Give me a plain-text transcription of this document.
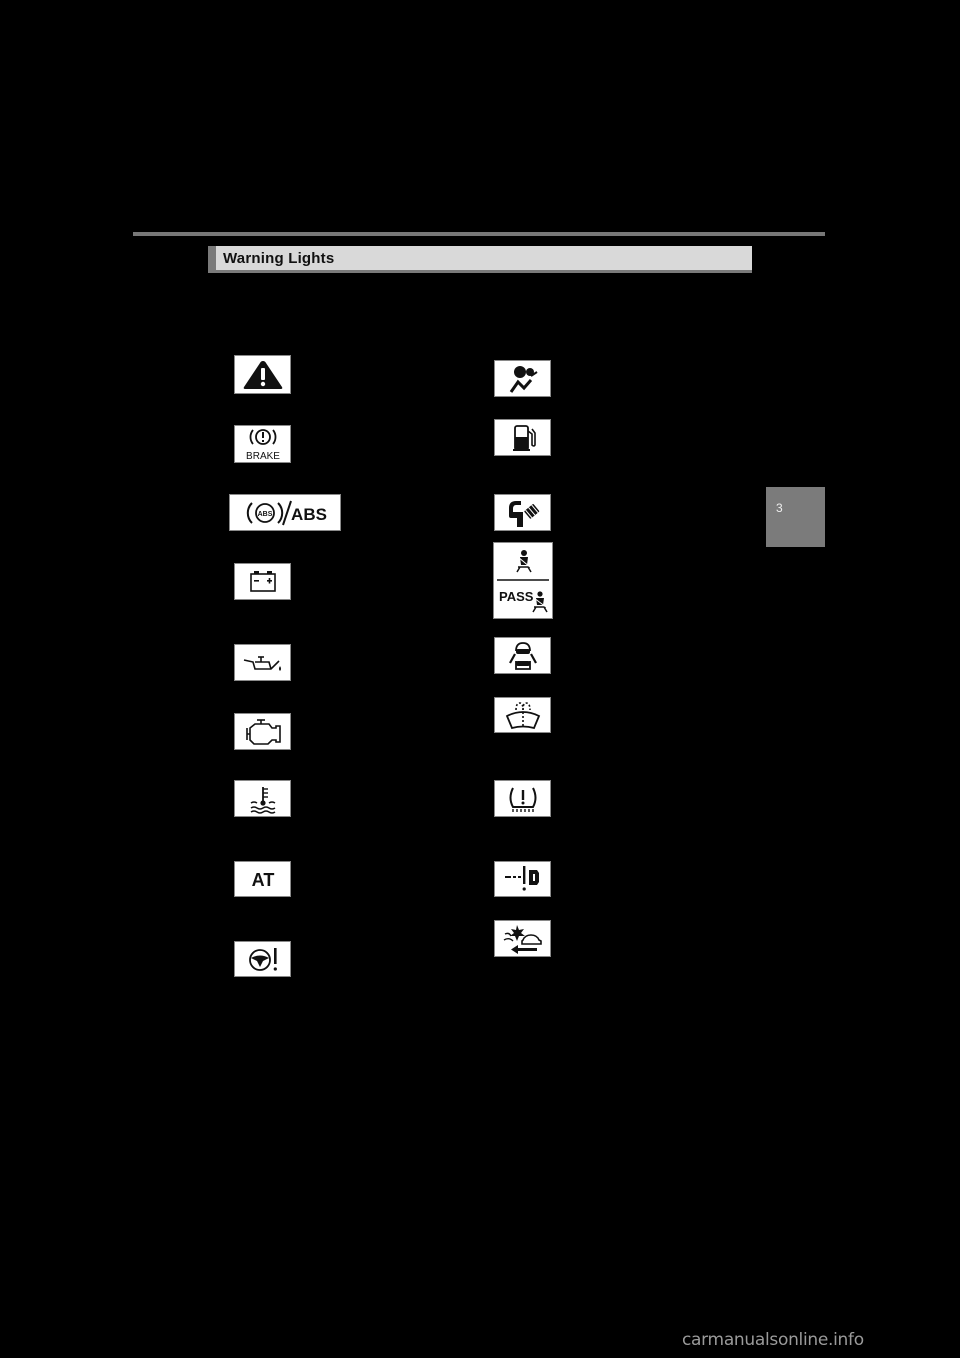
Warning Lights
3
BRAKE
ABS ABS
AT
PASS
carmanualsonline.info
